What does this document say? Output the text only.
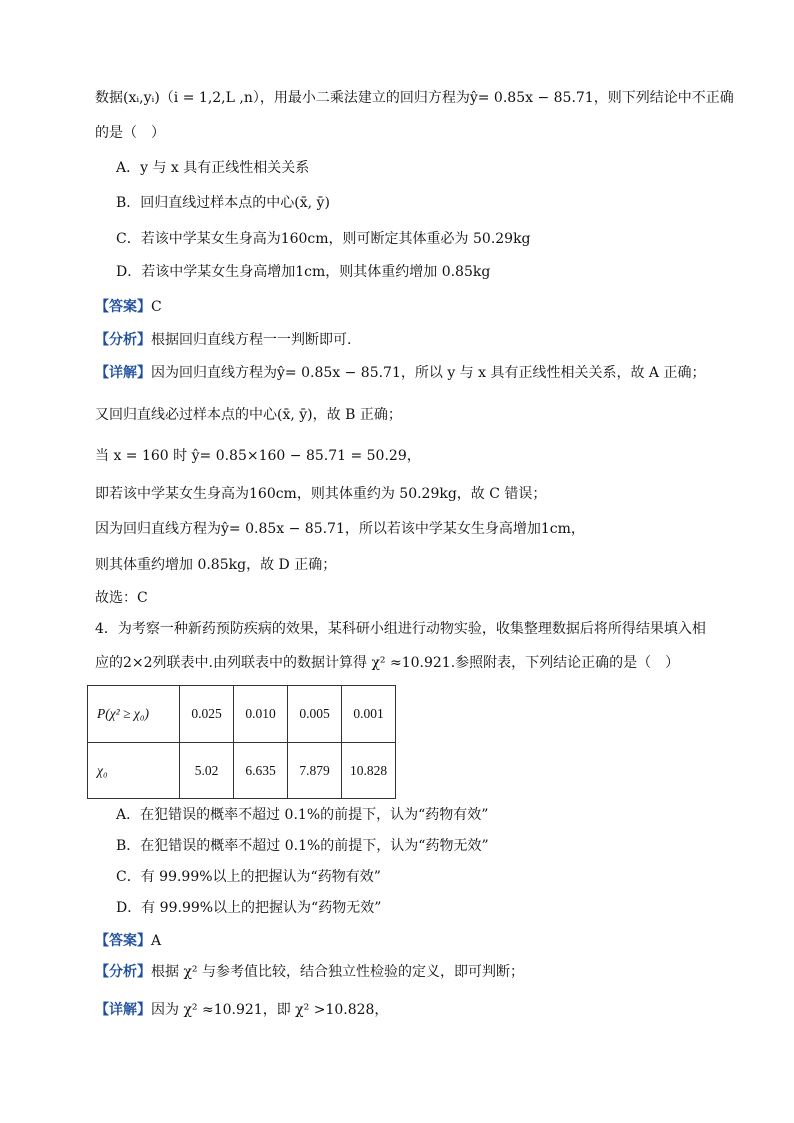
数据(xᵢ,yᵢ)（i = 1,2,L ,n），用最小二乘法建立的回归方程为ŷ= 0.85x − 85.71，则下列结论中不正确
的是（　）
A．y 与 x 具有正线性相关关系
B．回归直线过样本点的中心(x̄, ȳ)
C．若该中学某女生身高为160cm，则可断定其体重必为 50.29kg
D．若该中学某女生身高增加1cm，则其体重约增加 0.85kg
【答案】C
【分析】根据回归直线方程一一判断即可.
【详解】因为回归直线方程为ŷ= 0.85x − 85.71，所以 y 与 x 具有正线性相关关系，故 A 正确；
又回归直线必过样本点的中心(x̄, ȳ)，故 B 正确；
当 x = 160 时 ŷ= 0.85×160 − 85.71 = 50.29，
即若该中学某女生身高为160cm，则其体重约为 50.29kg，故 C 错误；
因为回归直线方程为ŷ= 0.85x − 85.71，所以若该中学某女生身高增加1cm，
则其体重约增加 0.85kg，故 D 正确；
故选：C
4．为考察一种新药预防疾病的效果，某科研小组进行动物实验，收集整理数据后将所得结果填入相
应的2×2列联表中.由列联表中的数据计算得 χ² ≈10.921.参照附表，下列结论正确的是（　）
P(χ² ≥ χ₀)	0.025	0.010	0.005	0.001
χ₀	5.02	6.635	7.879	10.828
A．在犯错误的概率不超过 0.1%的前提下，认为“药物有效”
B．在犯错误的概率不超过 0.1%的前提下，认为“药物无效”
C．有 99.99%以上的把握认为“药物有效”
D．有 99.99%以上的把握认为“药物无效”
【答案】A
【分析】根据 χ² 与参考值比较，结合独立性检验的定义，即可判断；
【详解】因为 χ² ≈10.921，即 χ² >10.828，
